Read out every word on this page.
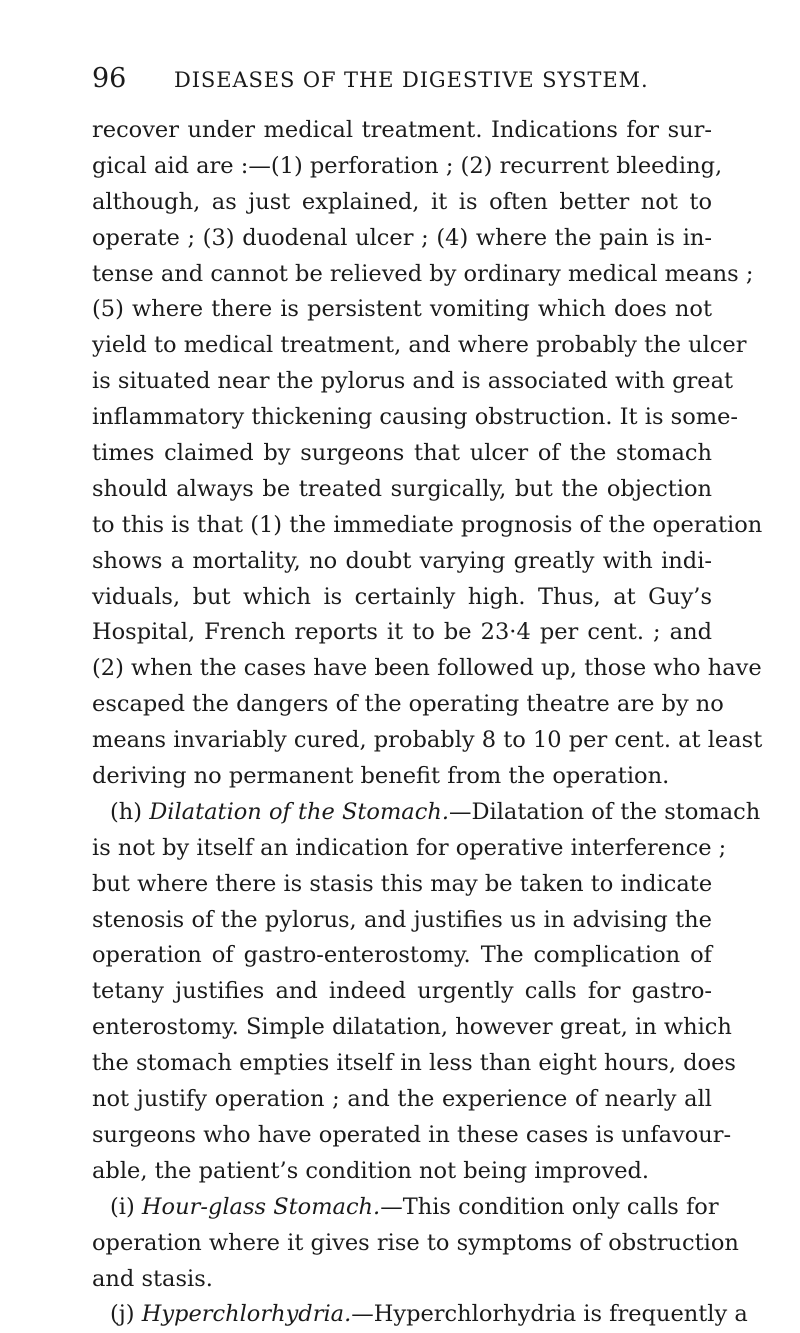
96 DISEASES OF THE DIGESTIVE SYSTEM.
recover under medical treatment. Indications for sur-
gical aid are :—(1) perforation ; (2) recurrent bleeding,
although, as just explained, it is often better not to
operate ; (3) duodenal ulcer ; (4) where the pain is in-
tense and cannot be relieved by ordinary medical means ;
(5) where there is persistent vomiting which does not
yield to medical treatment, and where probably the ulcer
is situated near the pylorus and is associated with great
inflammatory thickening causing obstruction. It is some-
times claimed by surgeons that ulcer of the stomach
should always be treated surgically, but the objection
to this is that (1) the immediate prognosis of the operation
shows a mortality, no doubt varying greatly with indi-
viduals, but which is certainly high. Thus, at Guy’s
Hospital, French reports it to be 23·4 per cent. ; and
(2) when the cases have been followed up, those who have
escaped the dangers of the operating theatre are by no
means invariably cured, probably 8 to 10 per cent. at least
deriving no permanent benefit from the operation.
(h) Dilatation of the Stomach.—Dilatation of the stomach
is not by itself an indication for operative interference ;
but where there is stasis this may be taken to indicate
stenosis of the pylorus, and justifies us in advising the
operation of gastro-enterostomy. The complication of
tetany justifies and indeed urgently calls for gastro-
enterostomy. Simple dilatation, however great, in which
the stomach empties itself in less than eight hours, does
not justify operation ; and the experience of nearly all
surgeons who have operated in these cases is unfavour-
able, the patient’s condition not being improved.
(i) Hour-glass Stomach.—This condition only calls for
operation where it gives rise to symptoms of obstruction
and stasis.
(j) Hyperchlorhydria.—Hyperchlorhydria is frequently a
